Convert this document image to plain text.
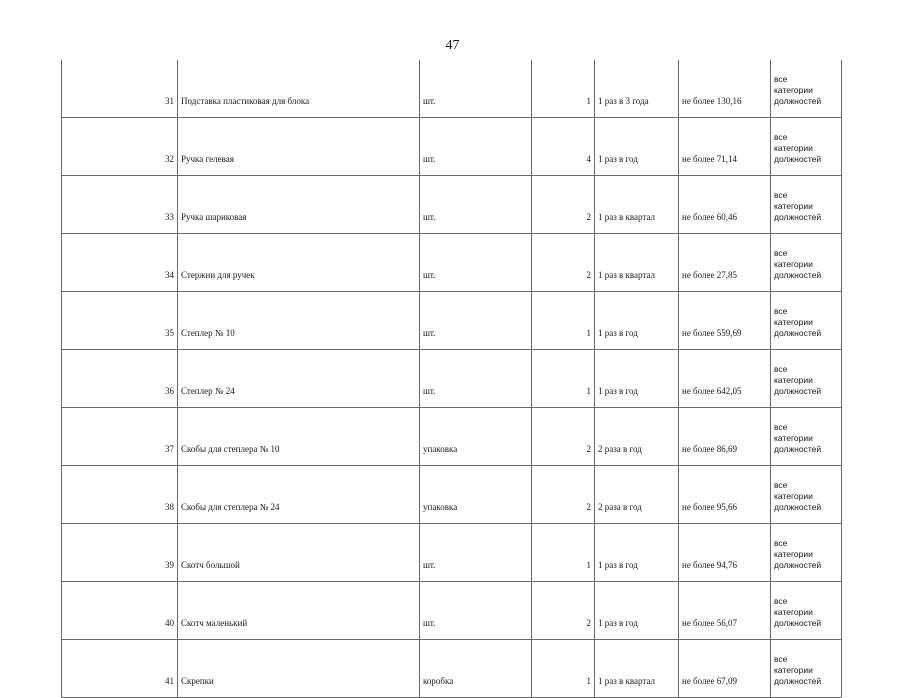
47
31	Подставка пластиковая для блока	шт.	1	1 раз в 3 года	не более 130,16	все
категории
должностей

32	Ручка гелевая	шт.	4	1 раз в год	не более 71,14	все
категории
должностей

33	Ручка шариковая	шт.	2	1 раз в квартал	не более 60,46	все
категории
должностей

34	Стержни для ручек	шт.	2	1 раз в квартал	не более 27,85	все
категории
должностей

35	Степлер № 10	шт.	1	1 раз в год	не более 559,69	все
категории
должностей

36	Степлер № 24	шт.	1	1 раз в год	не более 642,05	все
категории
должностей

37	Скобы для степлера № 10	упаковка	2	2 раза в год	не более 86,69	все
категории
должностей

38	Скобы для степлера № 24	упаковка	2	2 раза в год	не более 95,66	все
категории
должностей

39	Скотч большой	шт.	1	1 раз в год	не более 94,76	все
категории
должностей

40	Скотч маленький	шт.	2	1 раз в год	не более 56,07	все
категории
должностей

41	Скрепки	коробка	1	1 раз в квартал	не более 67,09	все
категории
должностей
